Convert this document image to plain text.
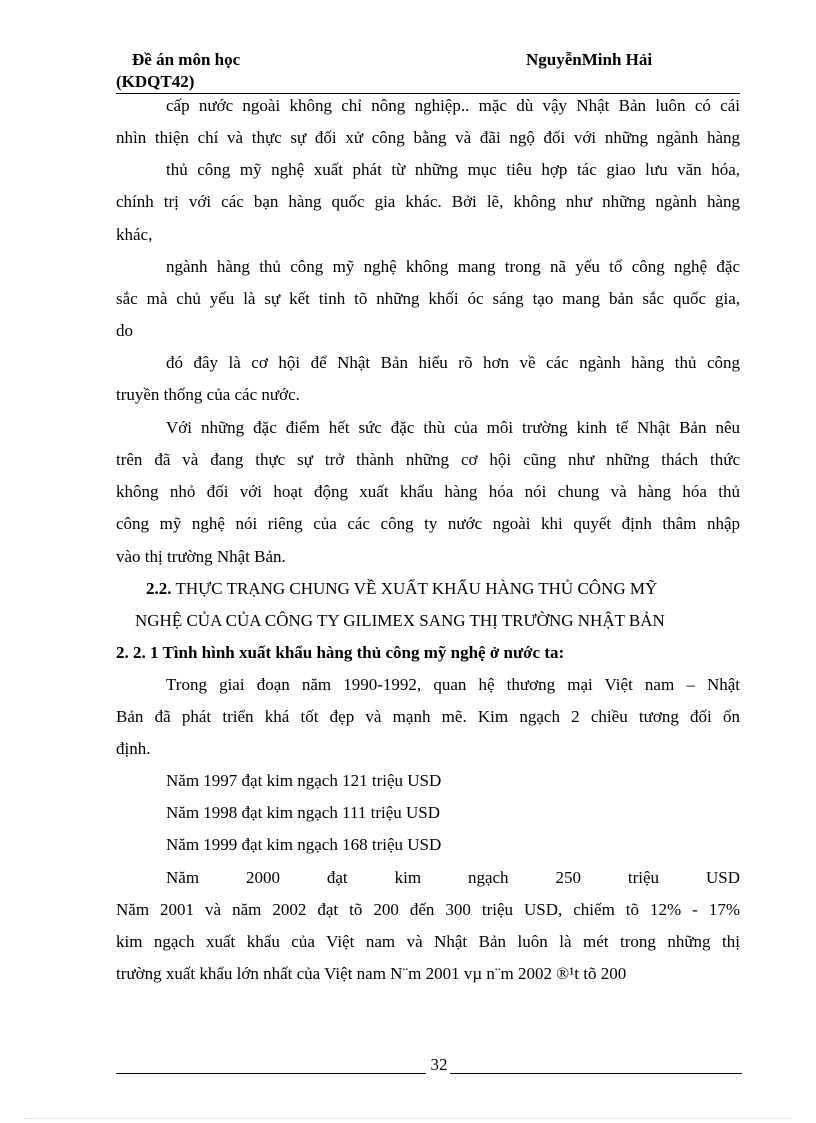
Đề án môn học
(KDQT42)
NguyễnMinh Hải
cấp nước ngoài không chỉ nông nghiệp.. mặc dù vậy Nhật Bản luôn có cái
nhìn thiện chí và thực sự đối xử công bằng và đãi ngộ đối với những ngành hàng
thủ công mỹ nghệ xuất phát từ những mục tiêu hợp tác giao lưu văn hóa,
chính trị với các bạn hàng quốc gia khác. Bởi lẽ, không như những ngành hàng
khác,
ngành hàng thủ công mỹ nghệ không mang trong nã yếu tố công nghệ đặc
sắc mà chủ yếu là sự kết tinh tõ những khối óc sáng tạo mang bản sắc quốc gia,
do
đó đây là cơ hội để Nhật Bản hiểu rõ hơn về các ngành hàng thủ công
truyền thống của các nước.
Với những đặc điểm hết sức đặc thù của môi trường kinh tế Nhật Bản nêu
trên đã và đang thực sự trở thành những cơ hội cũng như những thách thức
không nhỏ đối với hoạt động xuất khẩu hàng hóa nói chung và hàng hóa thủ
công mỹ nghệ nói riêng của các công ty nước ngoài khi quyết định thâm nhập
vào thị trường Nhật Bản.
2.2. THỰC TRẠNG CHUNG VỀ XUẤT KHẨU HÀNG THỦ CÔNG MỸ
NGHỆ CỦA CỦA CÔNG TY GILIMEX SANG THỊ TRƯỜNG NHẬT BẢN
2. 2. 1 Tình hình xuất khẩu hàng thủ công mỹ nghệ ở nước ta:
Trong giai đoạn năm 1990-1992, quan hệ thương mại Việt nam – Nhật
Bản đã phát triển khá tốt đẹp và mạnh mẽ. Kim ngạch 2 chiều tương đối ổn
định.
Năm 1997 đạt kim ngạch 121 triệu USD
Năm 1998 đạt kim ngạch 111 triệu USD
Năm 1999 đạt kim ngạch 168 triệu USD
Năm	2000	đạt	kim	ngạch	250	triệu	USD
Năm 2001 và năm 2002 đạt tõ 200 đến 300 triệu USD, chiếm tõ 12% - 17%
kim ngạch xuất khẩu của Việt nam và Nhật Bản luôn là mét trong những thị
trường xuất khẩu lớn nhất của Việt nam N¨m 2001 vµ n¨m 2002 ®¹t tõ 200
32
